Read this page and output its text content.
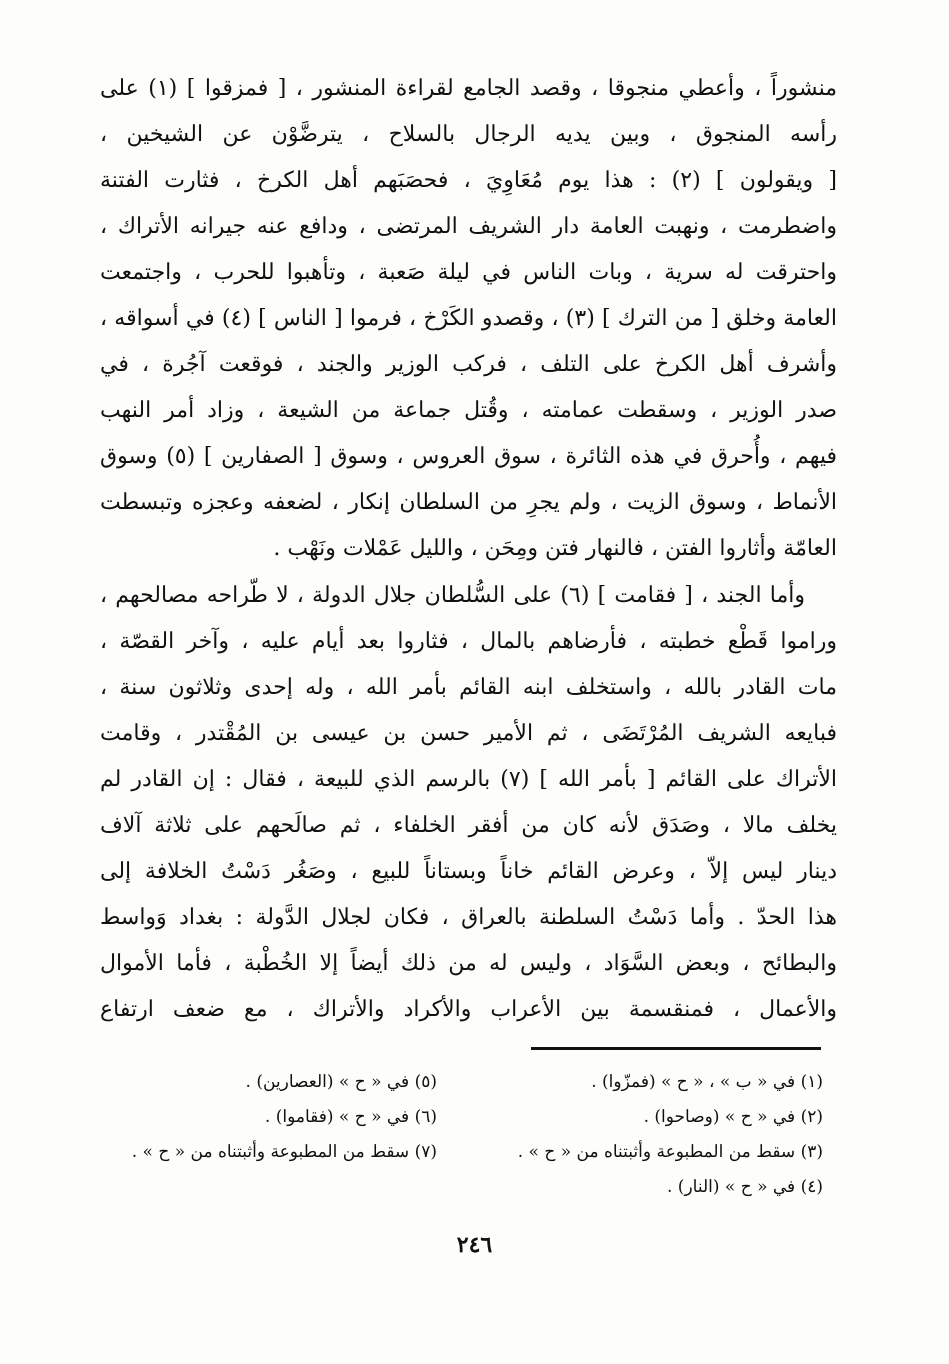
منشوراً ، وأعطي منجوقا ، وقصد الجامع لقراءة المنشور ، [ فمزقوا ] (١) على
رأسه المنجوق ، وبين يديه الرجال بالسلاح ، يترضَّوْن عن الشيخين ،
[ ويقولون ] (٢) : هذا يوم مُعَاوِيَ ، فحصَبَهم أهل الكرخ ، فثارت الفتنة
واضطرمت ، ونهبت العامة دار الشريف المرتضى ، ودافع عنه جيرانه الأتراك ،
واحترقت له سرية ، وبات الناس في ليلة صَعبة ، وتأهبوا للحرب ، واجتمعت
العامة وخلق [ من الترك ] (٣) ، وقصدو الكَرْخ ، فرموا [ الناس ] (٤) في أسواقه ،
وأشرف أهل الكرخ على التلف ، فركب الوزير والجند ، فوقعت آجُرة ، في
صدر الوزير ، وسقطت عمامته ، وقُتل جماعة من الشيعة ، وزاد أمر النهب
فيهم ، وأُحرق في هذه الثائرة ، سوق العروس ، وسوق [ الصفارين ] (٥) وسوق
الأنماط ، وسوق الزيت ، ولم يجرِ من السلطان إنكار ، لضعفه وعجزه وتبسطت
العامّة وأثاروا الفتن ، فالنهار فتن ومِحَن ، والليل عَمْلات ونَهْب .
وأما الجند ، [ فقامت ] (٦) على السُّلطان جلال الدولة ، لا طّراحه مصالحهم ،
وراموا قَطْع خطبته ، فأرضاهم بالمال ، فثاروا بعد أيام عليه ، وآخر القصّة ،
مات القادر بالله ، واستخلف ابنه القائم بأمر الله ، وله إحدى وثلاثون سنة ،
فبايعه الشريف المُرْتَضَى ، ثم الأمير حسن بن عيسى بن المُقْتدر ، وقامت
الأتراك على القائم [ بأمر الله ] (٧) بالرسم الذي للبيعة ، فقال : إن القادر لم
يخلف مالا ، وصَدَق لأنه كان من أفقر الخلفاء ، ثم صالَحهم على ثلاثة آلاف
دينار ليس إلاّ ، وعرض القائم خاناً وبستاناً للبيع ، وصَغُر دَسْتُ الخلافة إلى
هذا الحدّ . وأما دَسْتُ السلطنة بالعراق ، فكان لجلال الدَّولة : بغداد وَواسط
والبطائح ، وبعض السَّوَاد ، وليس له من ذلك أيضاً إلا الخُطْبة ، فأما الأموال
والأعمال ، فمنقسمة بين الأعراب والأكراد والأتراك ، مع ضعف ارتفاع
(١) في « ب » ، « ح » (فمزّوا) .
(٢) في « ح » (وصاحوا) .
(٣) سقط من المطبوعة وأثبتناه من « ح » .
(٤) في « ح » (النار) .
(٥) في « ح » (العصارين) .
(٦) في « ح » (فقاموا) .
(٧) سقط من المطبوعة وأثبتناه من « ح » .
٢٤٦
